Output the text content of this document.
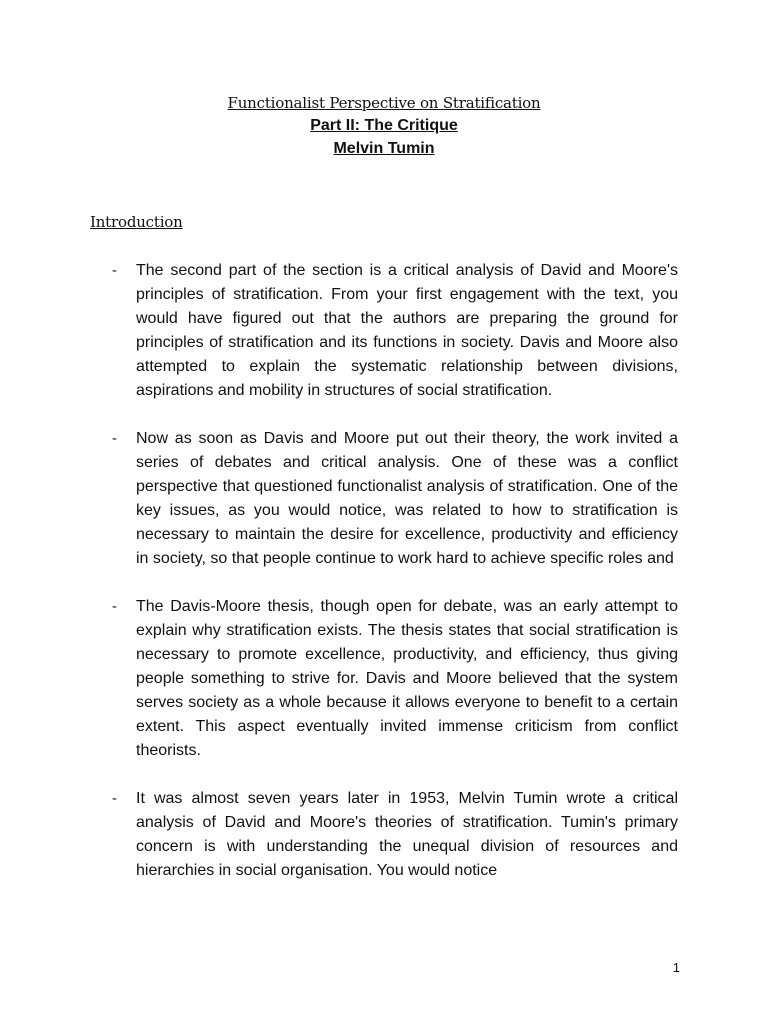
Functionalist Perspective on Stratification
Part II: The Critique
Melvin Tumin
Introduction
- The second part of the section is a critical analysis of David and Moore's principles of stratification. From your first engagement with the text, you would have figured out that the authors are preparing the ground for principles of stratification and its functions in society. Davis and Moore also attempted to explain the systematic relationship between divisions, aspirations and mobility in structures of social stratification.

- Now as soon as Davis and Moore put out their theory, the work invited a series of debates and critical analysis. One of these was a conflict perspective that questioned functionalist analysis of stratification. One of the key issues, as you would notice, was related to how to stratification is necessary to maintain the desire for excellence, productivity and efficiency in society, so that people continue to work hard to achieve specific roles and

- The Davis-Moore thesis, though open for debate, was an early attempt to explain why stratification exists. The thesis states that social stratification is necessary to promote excellence, productivity, and efficiency, thus giving people something to strive for. Davis and Moore believed that the system serves society as a whole because it allows everyone to benefit to a certain extent. This aspect eventually invited immense criticism from conflict theorists.

- It was almost seven years later in 1953, Melvin Tumin wrote a critical analysis of David and Moore's theories of stratification. Tumin's primary concern is with understanding the unequal division of resources and hierarchies in social organisation. You would notice

1
